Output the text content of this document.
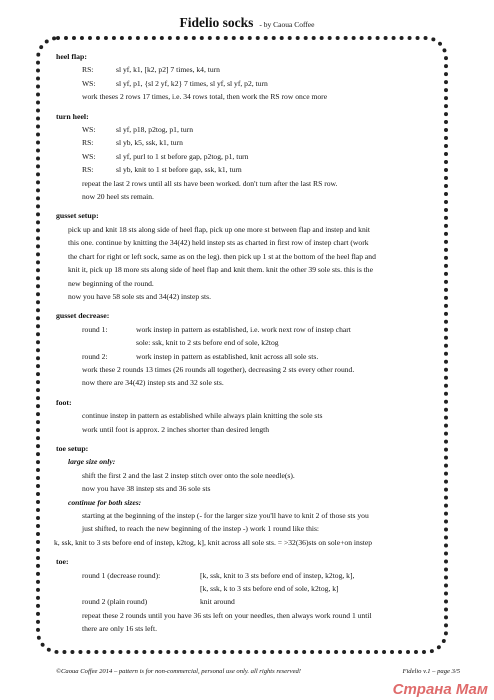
Fidelio socks - by Caoua Coffee
heel flap:
RS:	sl yf, k1, [k2, p2] 7 times, k4, turn
WS:	sl yf, p1, {sl 2 yf, k2} 7 times, sl yf, sl yf, p2, turn
work theses 2 rows 17 times, i.e. 34 rows total, then work the RS row once more
turn heel:
WS:	sl yf, p18, p2tog, p1, turn
RS:	sl yb, k5, ssk, k1, turn
WS:	sl yf, purl to 1 st before gap, p2tog, p1, turn
RS:	sl yb, knit to 1 st before gap, ssk, k1, turn
repeat the last 2 rows until all sts have been worked. don't turn after the last RS row.
now 20 heel sts remain.
gusset setup:
pick up and knit 18 sts along side of heel flap, pick up one more st between flap and instep and knit
this one. continue by knitting the 34(42) held instep sts as charted in first row of instep chart (work
the chart for right or left sock, same as on the leg). then pick up 1 st at the bottom of the heel flap and
knit it, pick up 18 more sts along side of heel flap and knit them. knit the other 39 sole sts. this is the
new beginning of the round.
now you have 58 sole sts and 34(42) instep sts.
gusset decrease:
round 1:	work instep in pattern as established, i.e. work next row of instep chart
sole: ssk, knit to 2 sts before end of sole, k2tog
round 2:	work instep in pattern as established, knit across all sole sts.
work these 2 rounds 13 times (26 rounds all together), decreasing 2 sts every other round.
now there are 34(42) instep sts and 32 sole sts.
foot:
continue instep in pattern as established while always plain knitting the sole sts
work until foot is approx. 2 inches shorter than desired length
toe setup:
large size only:
shift the first 2 and the last 2 instep stitch over onto the sole needle(s).
now you have 38 instep sts and 36 sole sts
continue for both sizes:
starting at the beginning of the instep (- for the larger size you'll have to knit 2 of those sts you
just shifted, to reach the new beginning of the instep -) work 1 round like this:
k, ssk, knit to 3 sts before end of instep, k2tog, k], knit across all sole sts. = >32(36)sts on sole+on instep
toe:
round 1 (decrease round):	[k, ssk, knit to 3 sts before end of instep, k2tog, k],
[k, ssk, k to 3 sts before end of sole, k2tog, k]
round 2 (plain round)	knit around
repeat these 2 rounds until you have 36 sts left on your needles, then always work round 1 until
there are only 16 sts left.
©Caoua Coffee 2014 – pattern is for non-commercial, personal use only. all rights reserved!	Fidelio v.1 – page 3/5
Страна Мам
